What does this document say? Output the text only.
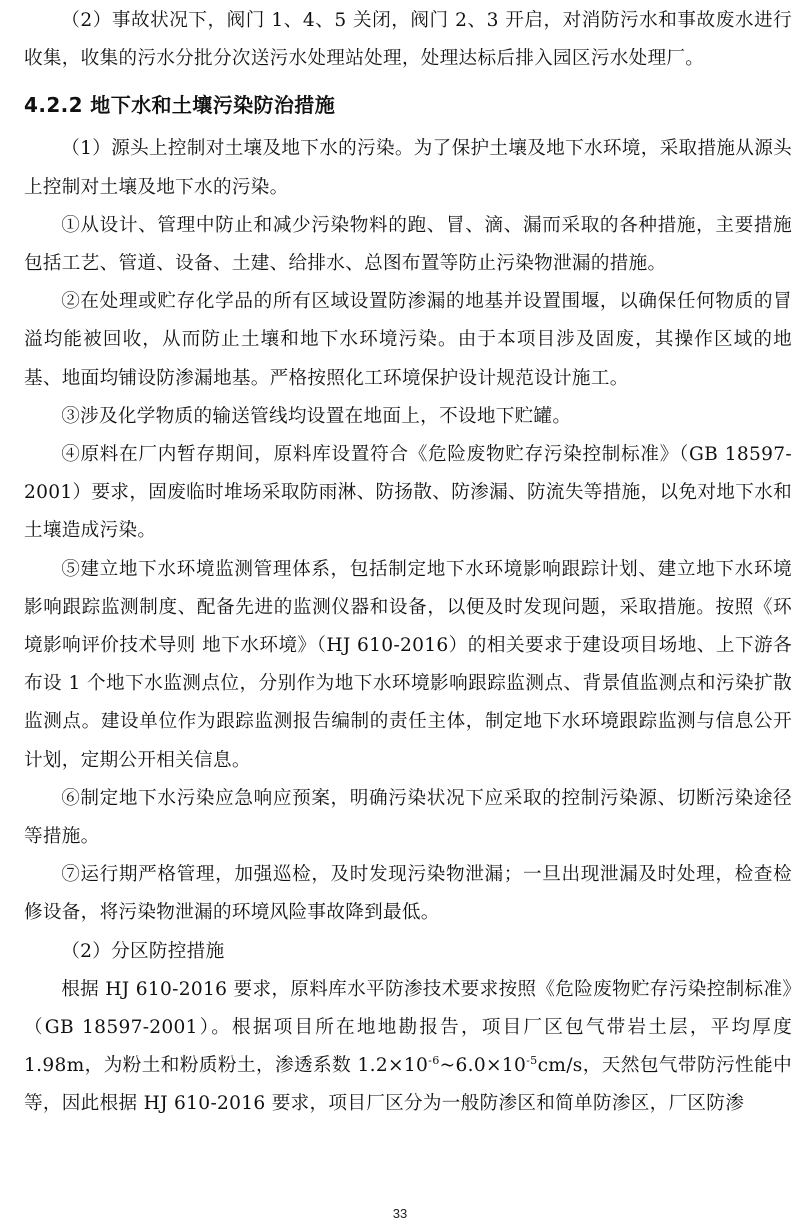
（2）事故状况下，阀门 1、4、5 关闭，阀门 2、3 开启，对消防污水和事故废水进行收集，收集的污水分批分次送污水处理站处理，处理达标后排入园区污水处理厂。

4.2.2 地下水和土壤污染防治措施

（1）源头上控制对土壤及地下水的污染。为了保护土壤及地下水环境，采取措施从源头上控制对土壤及地下水的污染。

①从设计、管理中防止和减少污染物料的跑、冒、滴、漏而采取的各种措施，主要措施包括工艺、管道、设备、土建、给排水、总图布置等防止污染物泄漏的措施。

②在处理或贮存化学品的所有区域设置防渗漏的地基并设置围堰，以确保任何物质的冒溢均能被回收，从而防止土壤和地下水环境污染。由于本项目涉及固废，其操作区域的地基、地面均铺设防渗漏地基。严格按照化工环境保护设计规范设计施工。

③涉及化学物质的输送管线均设置在地面上，不设地下贮罐。

④原料在厂内暂存期间，原料库设置符合《危险废物贮存污染控制标准》（GB 18597-2001）要求，固废临时堆场采取防雨淋、防扬散、防渗漏、防流失等措施，以免对地下水和土壤造成污染。

⑤建立地下水环境监测管理体系，包括制定地下水环境影响跟踪计划、建立地下水环境影响跟踪监测制度、配备先进的监测仪器和设备，以便及时发现问题，采取措施。按照《环境影响评价技术导则 地下水环境》（HJ 610-2016）的相关要求于建设项目场地、上下游各布设 1 个地下水监测点位，分别作为地下水环境影响跟踪监测点、背景值监测点和污染扩散监测点。建设单位作为跟踪监测报告编制的责任主体，制定地下水环境跟踪监测与信息公开计划，定期公开相关信息。

⑥制定地下水污染应急响应预案，明确污染状况下应采取的控制污染源、切断污染途径等措施。

⑦运行期严格管理，加强巡检，及时发现污染物泄漏；一旦出现泄漏及时处理，检查检修设备，将污染物泄漏的环境风险事故降到最低。

（2）分区防控措施

根据 HJ 610-2016 要求，原料库水平防渗技术要求按照《危险废物贮存污染控制标准》（GB 18597-2001）。根据项目所在地地勘报告，项目厂区包气带岩土层，平均厚度 1.98m，为粉土和粉质粉土，渗透系数 $1.2\times 10^{-6}\sim 6.0\times 10^{-5}cm/s$，天然包气带防污性能中等，因此根据 HJ 610-2016 要求，项目厂区分为一般防渗区和简单防渗区，厂区防渗

33
